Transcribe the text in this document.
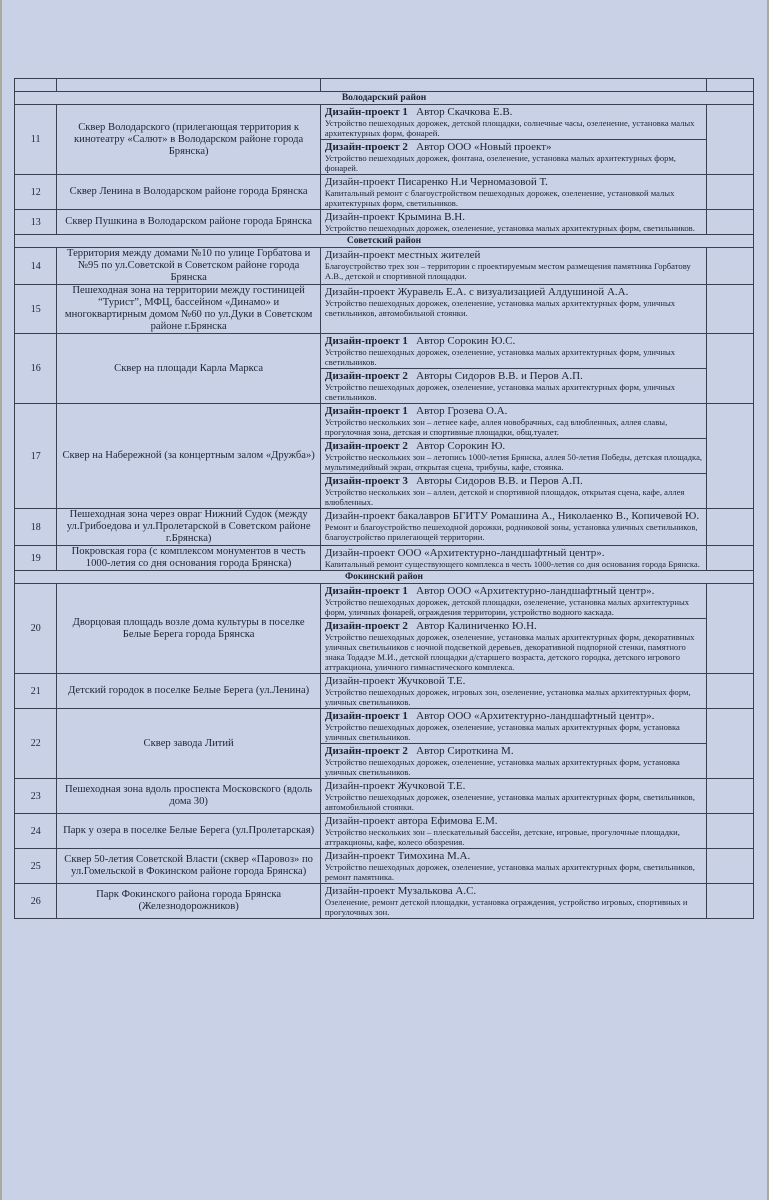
Володарский район			
11	Сквер Володарского (прилегающая территория к кинотеатру «Салют» в Володарском районе города Брянска)	Дизайн-проект 1 Автор Скачкова Е.В.
Устройство пешеходных дорожек, детской площадки, солнечные часы, озеленение, установка малых архитектурных форм, фонарей.	

		Дизайн-проект 2 Автор ООО «Новый проект»
Устройство пешеходных дорожек, фонтана, озеленение, установка малых архитектурных форм, фонарей.	

12	Сквер Ленина в Володарском районе города Брянска	Дизайн-проект Писаренко Н.и Черномазовой Т.
Капитальный ремонт с благоустройством пешеходных дорожек, озеленение, установкой малых архитектурных форм, светильников.	

13	Сквер Пушкина в Володарском районе города Брянска	Дизайн-проект Крымина В.Н.
Устройство пешеходных дорожек, озеленение, установка малых архитектурных форм, светильников.	

Советский район			
14	Территория между домами №10 по улице Горбатова и №95 по ул.Советской в Советском районе города Брянска	Дизайн-проект местных жителей
Благоустройство трех зон – территории с проектируемым местом размещения памятника Горбатову А.В., детской и спортивной площадки.	

15	Пешеходная зона на территории между гостиницей “Турист”, МФЦ, бассейном «Динамо» и многоквартирным домом №60 по ул.Дуки в Советском районе г.Брянска	Дизайн-проект Журавель Е.А. с визуализацией Алдушиной А.А.
Устройство пешеходных дорожек, озеленение, установка малых архитектурных форм, уличных светильников, автомобильной стоянки.	

16	Сквер на площади Карла Маркса	Дизайн-проект 1 Автор Сорокин Ю.С.
Устройство пешеходных дорожек, озеленение, установка малых архитектурных форм, уличных светильников.	

		Дизайн-проект 2 Авторы Сидоров В.В. и Перов А.П.
Устройство пешеходных дорожек, озеленение, установка малых архитектурных форм, уличных светильников.	

17	Сквер на Набережной (за концертным залом «Дружба»)	Дизайн-проект 1 Автор Грозева О.А.
Устройство нескольких зон – летнее кафе, аллея новобрачных, сад влюбленных, аллея славы, прогулочная зона, детская и спортивные площадки, общ.туалет.	

		Дизайн-проект 2 Автор Сорокин Ю.
Устройство нескольких зон – летопись 1000-летия Брянска, аллея 50-летия Победы, детская площадка, мультимедийный экран, открытая сцена, трибуны, кафе, стоянка.	

		Дизайн-проект 3 Авторы Сидоров В.В. и Перов А.П.
Устройство нескольких зон – аллеи, детской и спортивной площадок, открытая сцена, кафе, аллея влюбленных.	

18	Пешеходная зона через овраг Нижний Судок (между ул.Грибоедова и ул.Пролетарской в Советском районе г.Брянска)	Дизайн-проект бакалавров БГИТУ Ромашина А., Николаенко В., Копичевой Ю.
Ремонт и благоустройство пешеходной дорожки, родниковой зоны, установка уличных светильников, благоустройство прилегающей территории.	

19	Покровская гора (с комплексом монументов в честь 1000-летия со дня основания города Брянска)	Дизайн-проект ООО «Архитектурно-ландшафтный центр».
Капитальный ремонт существующего комплекса в честь 1000-летия со дня основания города Брянска.	

Фокинский район			
20	Дворцовая площадь возле дома культуры в поселке Белые Берега города Брянска	Дизайн-проект 1 Автор ООО «Архитектурно-ландшафтный центр».
Устройство пешеходных дорожек, детской площадки, озеленение, установка малых архитектурных форм, уличных фонарей, ограждения территории, устройство водного каскада.	

		Дизайн-проект 2 Автор Калиниченко Ю.Н.
Устройство пешеходных дорожек, озеленение, установка малых архитектурных форм, декоративных уличных светильников с ночной подсветкой деревьев, декоративной подпорной стенки, памятного знака Тодадзе М.И., детской площадки д/старшего возраста, детского городка, детского игрового аттракциона, уличного гимнастического комплекса.	

21	Детский городок в поселке Белые Берега (ул.Ленина)	Дизайн-проект Жучковой Т.Е.
Устройство пешеходных дорожек, игровых зон, озеленение, установка малых архитектурных форм, уличных светильников.	

22	Сквер завода Литий	Дизайн-проект 1 Автор ООО «Архитектурно-ландшафтный центр».
Устройство пешеходных дорожек, озеленение, установка малых архитектурных форм, установка уличных светильников.	

		Дизайн-проект 2 Автор Сироткина М.
Устройство пешеходных дорожек, озеленение, установка малых архитектурных форм, установка уличных светильников.	

23	Пешеходная зона вдоль проспекта Московского (вдоль дома 30)	Дизайн-проект Жучковой Т.Е.
Устройство пешеходных дорожек, озеленение, установка малых архитектурных форм, светильников, автомобильной стоянки.	

24	Парк у озера в поселке Белые Берега (ул.Пролетарская)	Дизайн-проект автора Ефимова Е.М.
Устройство нескольких зон – плескательный бассейн, детские, игровые, прогулочные площадки, аттракционы, кафе, колесо обозрения.	

25	Сквер 50-летия Советской Власти (сквер «Паровоз» по ул.Гомельской в Фокинском районе города Брянска)	Дизайн-проект Тимохина М.А.
Устройство пешеходных дорожек, озеленение, установка малых архитектурных форм, светильников, ремонт памятника.	

26	Парк Фокинского района города Брянска (Железнодорожников)	Дизайн-проект Музалькова А.С.
Озеленение, ремонт детской площадки, установка ограждения, устройство игровых, спортивных и прогулочных зон.	
